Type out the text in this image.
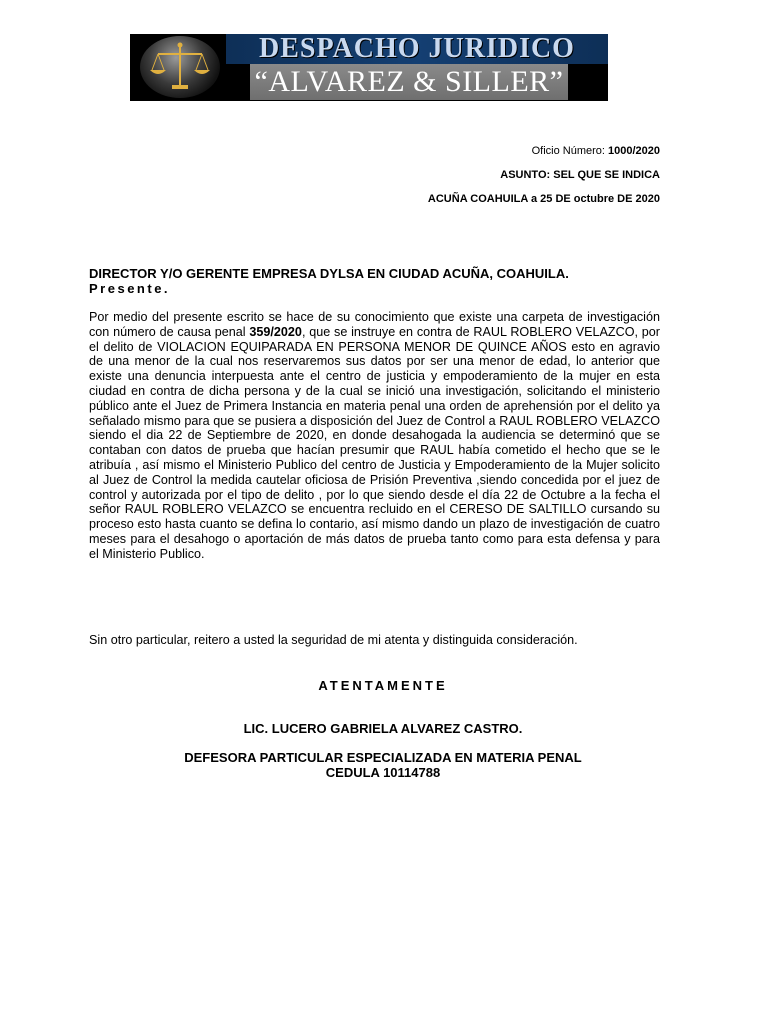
DESPACHO JURIDICO
“ALVAREZ & SILLER”
Oficio Número: 1000/2020
ASUNTO: SEL QUE SE INDICA
ACUÑA COAHUILA a 25 DE octubre DE 2020
DIRECTOR Y/O GERENTE EMPRESA DYLSA EN CIUDAD ACUÑA, COAHUILA.
Presente.
Por medio del presente escrito se hace de su conocimiento que existe una carpeta de investigación con número de causa penal 359/2020, que se instruye en contra de RAUL ROBLERO VELAZCO, por el delito de VIOLACION EQUIPARADA EN PERSONA MENOR DE QUINCE AÑOS esto en agravio de una menor de la cual nos reservaremos sus datos por ser una menor de edad, lo anterior que existe una denuncia interpuesta ante el centro de justicia y empoderamiento de la mujer en esta ciudad en contra de dicha persona y de la cual se inició una investigación, solicitando el ministerio público ante el Juez de Primera Instancia en materia penal una orden de aprehensión por el delito ya señalado mismo para que se pusiera a disposición del Juez de Control a RAUL ROBLERO VELAZCO siendo el dia 22 de Septiembre de 2020, en donde desahogada la audiencia se determinó que se contaban con datos de prueba que hacían presumir que RAUL había cometido el hecho que se le atribuía , así mismo el Ministerio Publico del centro de Justicia y Empoderamiento de la Mujer solicito al Juez de Control la medida cautelar oficiosa de Prisión Preventiva ,siendo concedida por el juez de control y autorizada por el tipo de delito , por lo que siendo desde el día 22 de Octubre a la fecha el señor RAUL ROBLERO VELAZCO se encuentra recluido en el CERESO DE SALTILLO cursando su proceso esto hasta cuanto se defina lo contario, así mismo dando un plazo de investigación de cuatro meses para el desahogo o aportación de más datos de prueba tanto como para esta defensa y para el Ministerio Publico.
Sin otro particular, reitero a usted la seguridad de mi atenta y distinguida consideración.
ATENTAMENTE
LIC. LUCERO GABRIELA ALVAREZ CASTRO.
DEFESORA PARTICULAR ESPECIALIZADA EN MATERIA PENAL
CEDULA 10114788
